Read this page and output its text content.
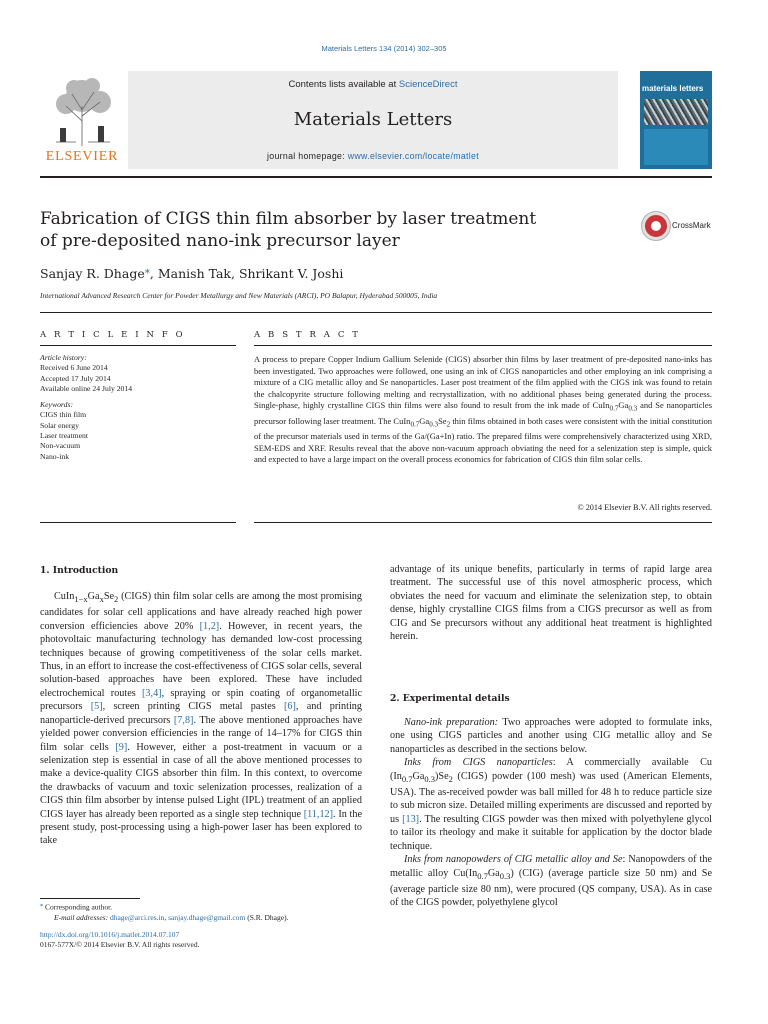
Materials Letters 134 (2014) 302–305
ELSEVIER
Contents lists available at ScienceDirect
Materials Letters
journal homepage: www.elsevier.com/locate/matlet
materials letters
Fabrication of CIGS thin film absorber by laser treatment
of pre-deposited nano-ink precursor layer
CrossMark
Sanjay R. Dhage⁎, Manish Tak, Shrikant V. Joshi
International Advanced Research Center for Powder Metallurgy and New Materials (ARCI), PO Balapur, Hyderabad 500005, India
A R T I C L E I N F O	A B S T R A C T
Article history:
Received 6 June 2014
Accepted 17 July 2014
Available online 24 July 2014
Keywords:
CIGS thin film
Solar energy
Laser treatment
Non-vacuum
Nano-ink
A process to prepare Copper Indium Gallium Selenide (CIGS) absorber thin films by laser treatment of pre-deposited nano-inks has been investigated. Two approaches were followed, one using an ink of CIGS nanoparticles and other employing an ink comprising a mixture of a CIG metallic alloy and Se nanoparticles. Laser post treatment of the film applied with the CIGS ink was found to retain the chalcopyrite structure following melting and recrystallization, with no additional phases being generated during the process. Single-phase, highly crystalline CIGS thin films were also found to result from the ink made of $CuIn_{0.7}Ga_{0.3}$ and Se nanoparticles precursor following laser treatment. The $CuIn_{0.7}Ga_{0.3}Se_2$ thin films obtained in both cases were consistent with the initial constitution of the precursor materials used in terms of the Ga/(Ga+In) ratio. The prepared films were comprehensively characterized using XRD, SEM-EDS and XRF. Results reveal that the above non-vacuum approach obviating the need for a selenization step is simple, quick and expected to have a large impact on the overall process economics for fabrication of CIGS thin film solar cells.
© 2014 Elsevier B.V. All rights reserved.
1. Introduction
$CuIn_{1-x}Ga_xSe_2$ (CIGS) thin film solar cells are among the most promising candidates for solar cell applications and have already reached high power conversion efficiencies above 20% [1,2]. However, in recent years, the photovoltaic manufacturing technology has demanded low-cost processing techniques because of growing competitiveness of the solar cells market. Thus, in an effort to increase the cost-effectiveness of CIGS solar cells, several solution-based approaches have been explored. These have included electrochemical routes [3,4], spraying or spin coating of organometallic precursors [5], screen printing CIGS metal pastes [6], and printing nanoparticle-derived precursors [7,8]. The above mentioned approaches have yielded power conversion efficiencies in the range of 14–17% for CIGS thin film solar cells [9]. However, either a post-treatment in vacuum or a selenization step is essential in case of all the above mentioned processes to make a device-quality CIGS absorber thin film. In this context, to overcome the drawbacks of vacuum and toxic selenization processes, realization of a CIGS thin film absorber by intense pulsed Light (IPL) treatment of an applied CIGS layer has already been reported as a single step technique [11,12]. In the present study, post-processing using a high-power laser has been explored to take
⁎ Corresponding author.
E-mail addresses: dhage@arci.res.in, sanjay.dhage@gmail.com (S.R. Dhage).
http://dx.doi.org/10.1016/j.matlet.2014.07.107
0167-577X/© 2014 Elsevier B.V. All rights reserved.
advantage of its unique benefits, particularly in terms of rapid large area treatment. The successful use of this novel atmospheric process, which obviates the need for vacuum and eliminate the selenization step, to obtain dense, highly crystalline CIGS films from a CIGS precursor as well as from CIG and Se precursors without any additional heat treatment is highlighted herein.
2. Experimental details

Nano-ink preparation: Two approaches were adopted to formulate inks, one using CIGS particles and another using CIG metallic alloy and Se nanoparticles as described in the sections below.

Inks from CIGS nanoparticles: A commercially available Cu $(In_{0.7}Ga_{0.3})Se_2$ (CIGS) powder (100 mesh) was used (American Elements, USA). The as-received powder was ball milled for 48 h to reduce particle size to sub micron size. Detailed milling experiments are discussed and reported by us [13]. The resulting CIGS powder was then mixed with polyethylene glycol to tailor its rheology and make it suitable for application by the doctor blade technique.

Inks from nanopowders of CIG metallic alloy and Se: Nanopowders of the metallic alloy $Cu(In_{0.7}Ga_{0.3})$ (CIG) (average particle size 50 nm) and Se (average particle size 80 nm), were procured (QS company, USA). As in case of the CIGS powder, polyethylene glycol
